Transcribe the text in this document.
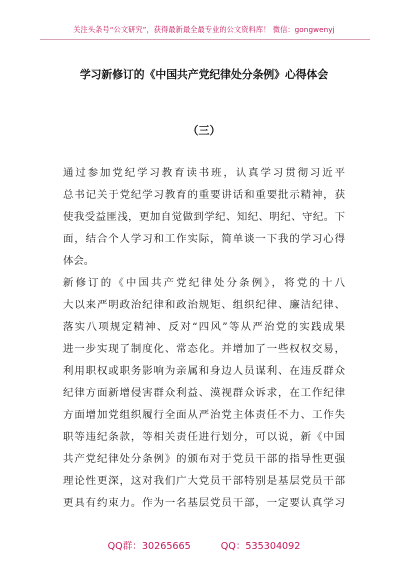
关注头条号“公文研究”，获得最新最全最专业的公文资料库！ 微信：gongwenyj
学习新修订的《中国共产党纪律处分条例》心得体会
（三）
通过参加党纪学习教育读书班，认真学习贯彻习近平
总书记关于党纪学习教育的重要讲话和重要批示精神，获
使我受益匪浅，更加自觉做到学纪、知纪、明纪、守纪。下
面，结合个人学习和工作实际，简单谈一下我的学习心得
体会。
新修订的《中国共产党纪律处分条例》，将党的十八
大以来严明政治纪律和政治规矩、组织纪律、廉洁纪律、
落实八项规定精神、反对“四风”等从严治党的实践成果
进一步实现了制度化、常态化。并增加了一些权权交易，
利用职权或职务影响为亲属和身边人员谋利、在违反群众
纪律方面新增侵害群众利益、漠视群众诉求，在工作纪律
方面增加党组织履行全面从严治党主体责任不力、工作失
职等违纪条款，等相关责任进行划分，可以说，新《中国
共产党纪律处分条例》的颁布对于党员干部的指导性更强
理论性更深，这对我们广大党员干部特别是基层党员干部
更具有约束力。作为一名基层党员干部，一定要认真学习
QQ群：30265665	QQ：535304092
